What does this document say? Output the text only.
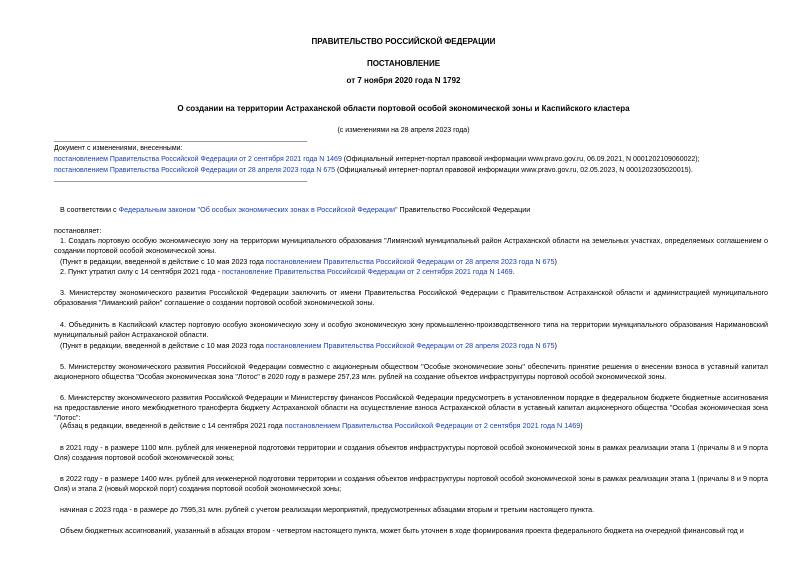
ПРАВИТЕЛЬСТВО РОССИЙСКОЙ ФЕДЕРАЦИИ
ПОСТАНОВЛЕНИЕ
от 7 ноября 2020 года N 1792
О создании на территории Астраханской области портовой особой экономической зоны и Каспийского кластера
(с изменениями на 28 апреля 2023 года)
Документ с изменениями, внесенными:
постановлением Правительства Российской Федерации от 2 сентября 2021 года N 1469 (Официальный интернет-портал правовой информации www.pravo.gov.ru, 06.09.2021, N 0001202109060022);
постановлением Правительства Российской Федерации от 28 апреля 2023 года N 675 (Официальный интернет-портал правовой информации www.pravo.gov.ru, 02.05.2023, N 0001202305020015).
В соответствии с Федеральным законом "Об особых экономических зонах в Российской Федерации" Правительство Российской Федерации
постановляет:
1. Создать портовую особую экономическую зону на территории муниципального образования "Лимянский муниципальный район Астраханской области на земельных участках, определяемых соглашением о создании портовой особой экономической зоны.
(Пункт в редакции, введенной в действие с 10 мая 2023 года постановлением Правительства Российской Федерации от 28 апреля 2023 года N 675)
2. Пункт утратил силу с 14 сентября 2021 года - постановление Правительства Российской Федерации от 2 сентября 2021 года N 1469.
3. Министерству экономического развития Российской Федерации заключить от имени Правительства Российской Федерации с Правительством Астраханской области и администрацией муниципального образования "Лиманский район" соглашение о создании портовой особой экономической зоны.
4. Объединить в Каспийский кластер портовую особую экономическую зону и особую экономическую зону промышленно-производственного типа на территории муниципального образования Наримановский муниципальный район Астраханской области.
(Пункт в редакции, введенной в действие с 10 мая 2023 года постановлением Правительства Российской Федерации от 28 апреля 2023 года N 675)
5. Министерству экономического развития Российской Федерации совместно с акционерным обществом "Особые экономические зоны" обеспечить принятие решения о внесении взноса в уставный капитал акционерного общества "Особая экономическая зона "Лотос" в 2020 году в размере 257,23 млн. рублей на создание объектов инфраструктуры портовой особой экономической зоны.
6. Министерству экономического развития Российской Федерации и Министерству финансов Российской Федерации предусмотреть в установленном порядке в федеральном бюджете бюджетные ассигнования на предоставление иного межбюджетного трансферта бюджету Астраханской области на осуществление взноса Астраханской области в уставный капитал акционерного общества "Особая экономическая зона "Лотос":
(Абзац в редакции, введенной в действие с 14 сентября 2021 года постановлением Правительства Российской Федерации от 2 сентября 2021 года N 1469)
в 2021 году - в размере 1100 млн. рублей для инженерной подготовки территории и создания объектов инфраструктуры портовой особой экономической зоны в рамках реализации этапа 1 (причалы 8 и 9 порта Оля) создания портовой особой экономической зоны;
в 2022 году - в размере 1400 млн. рублей для инженерной подготовки территории и создания объектов инфраструктуры портовой особой экономической зоны в рамках реализации этапа 1 (причалы 8 и 9 порта Оля) и этапа 2 (новый морской порт) создания портовой особой экономической зоны;
начиная с 2023 года - в размере до 7595,31 млн. рублей с учетом реализации мероприятий, предусмотренных абзацами вторым и третьим настоящего пункта.
Объем бюджетных ассигнований, указанный в абзацах втором - четвертом настоящего пункта, может быть уточнен в ходе формирования проекта федерального бюджета на очередной финансовый год и
